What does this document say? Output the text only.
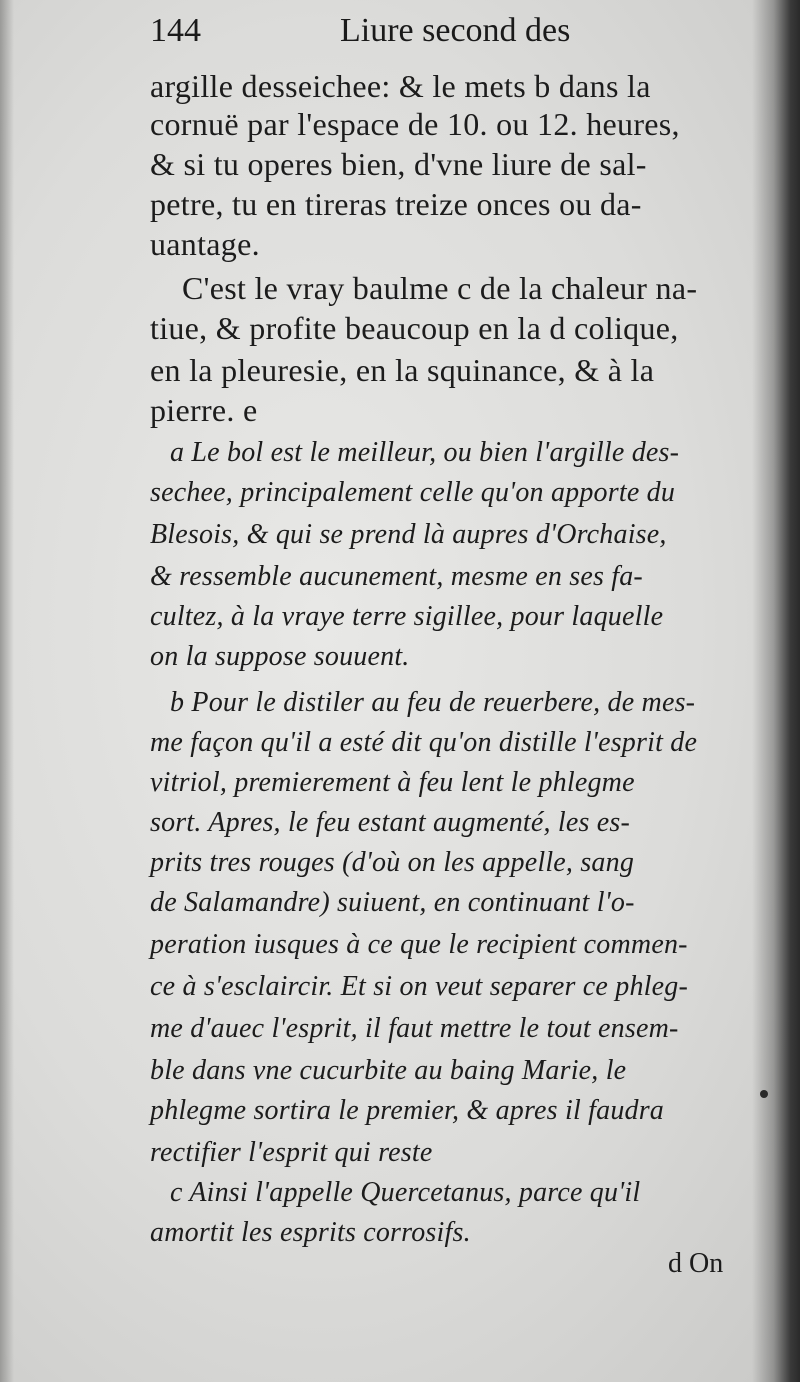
144	Liure second des
argille desseichee: & le mets b dans la
cornuë par l'espace de 10. ou 12. heures,
& si tu operes bien, d'vne liure de sal-
petre, tu en tireras treize onces ou da-
uantage.
C'est le vray baulme c de la chaleur na-
tiue, & profite beaucoup en la d colique,
en la pleuresie, en la squinance, & à la
pierre. e
a Le bol est le meilleur, ou bien l'argille des-
sechee, principalement celle qu'on apporte du
Blesois, & qui se prend là aupres d'Orchaise,
& ressemble aucunement, mesme en ses fa-
cultez, à la vraye terre sigillee, pour laquelle
on la suppose souuent.
b Pour le distiler au feu de reuerbere, de mes-
me façon qu'il a esté dit qu'on distille l'esprit de
vitriol, premierement à feu lent le phlegme
sort. Apres, le feu estant augmenté, les es-
prits tres rouges (d'où on les appelle, sang
de Salamandre) suiuent, en continuant l'o-
peration iusques à ce que le recipient commen-
ce à s'esclaircir. Et si on veut separer ce phleg-
me d'auec l'esprit, il faut mettre le tout ensem-
ble dans vne cucurbite au baing Marie, le
phlegme sortira le premier, & apres il faudra
rectifier l'esprit qui reste
c Ainsi l'appelle Quercetanus, parce qu'il
amortit les esprits corrosifs.
d On
